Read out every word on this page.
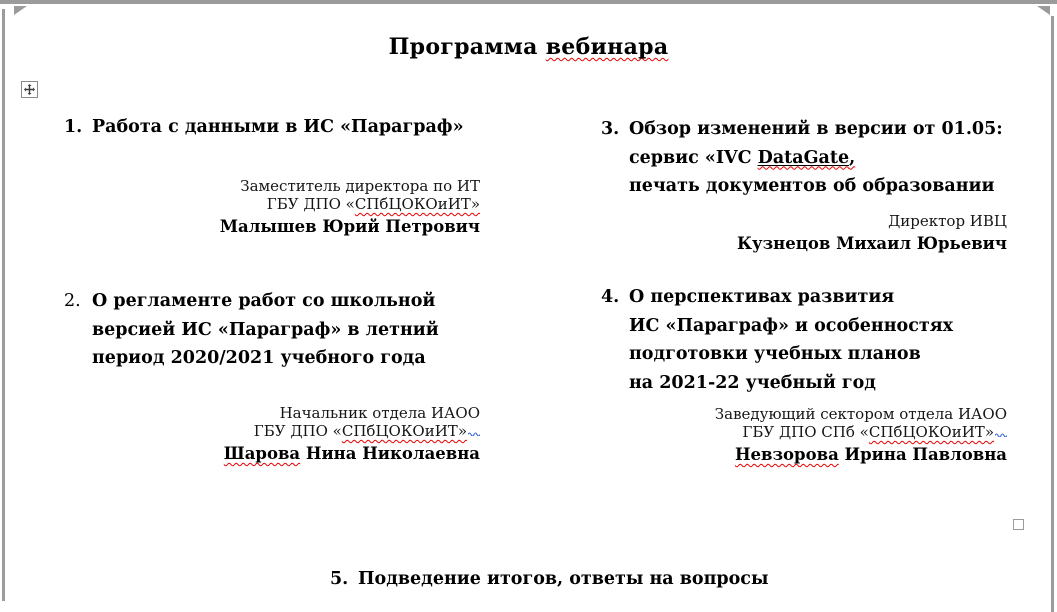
Программа вебинара
1. Работа с данными в ИС «Параграф»
Заместитель директора по ИТ
ГБУ ДПО «СПбЦОКОиИТ»
Малышев Юрий Петрович
3. Обзор изменений в версии от 01.05:
сервис «IVC DataGate,
печать документов об образовании
Директор ИВЦ
Кузнецов Михаил Юрьевич
2. О регламенте работ со школьной
версией ИС «Параграф» в летний
период 2020/2021 учебного года
Начальник отдела ИАОО
ГБУ ДПО «СПбЦОКОиИТ»
Шарова Нина Николаевна
4. О перспективах развития
ИС «Параграф» и особенностях
подготовки учебных планов
на 2021-22 учебный год
Заведующий сектором отдела ИАОО
ГБУ ДПО СПб «СПбЦОКОиИТ»
Невзорова Ирина Павловна
5. Подведение итогов, ответы на вопросы
